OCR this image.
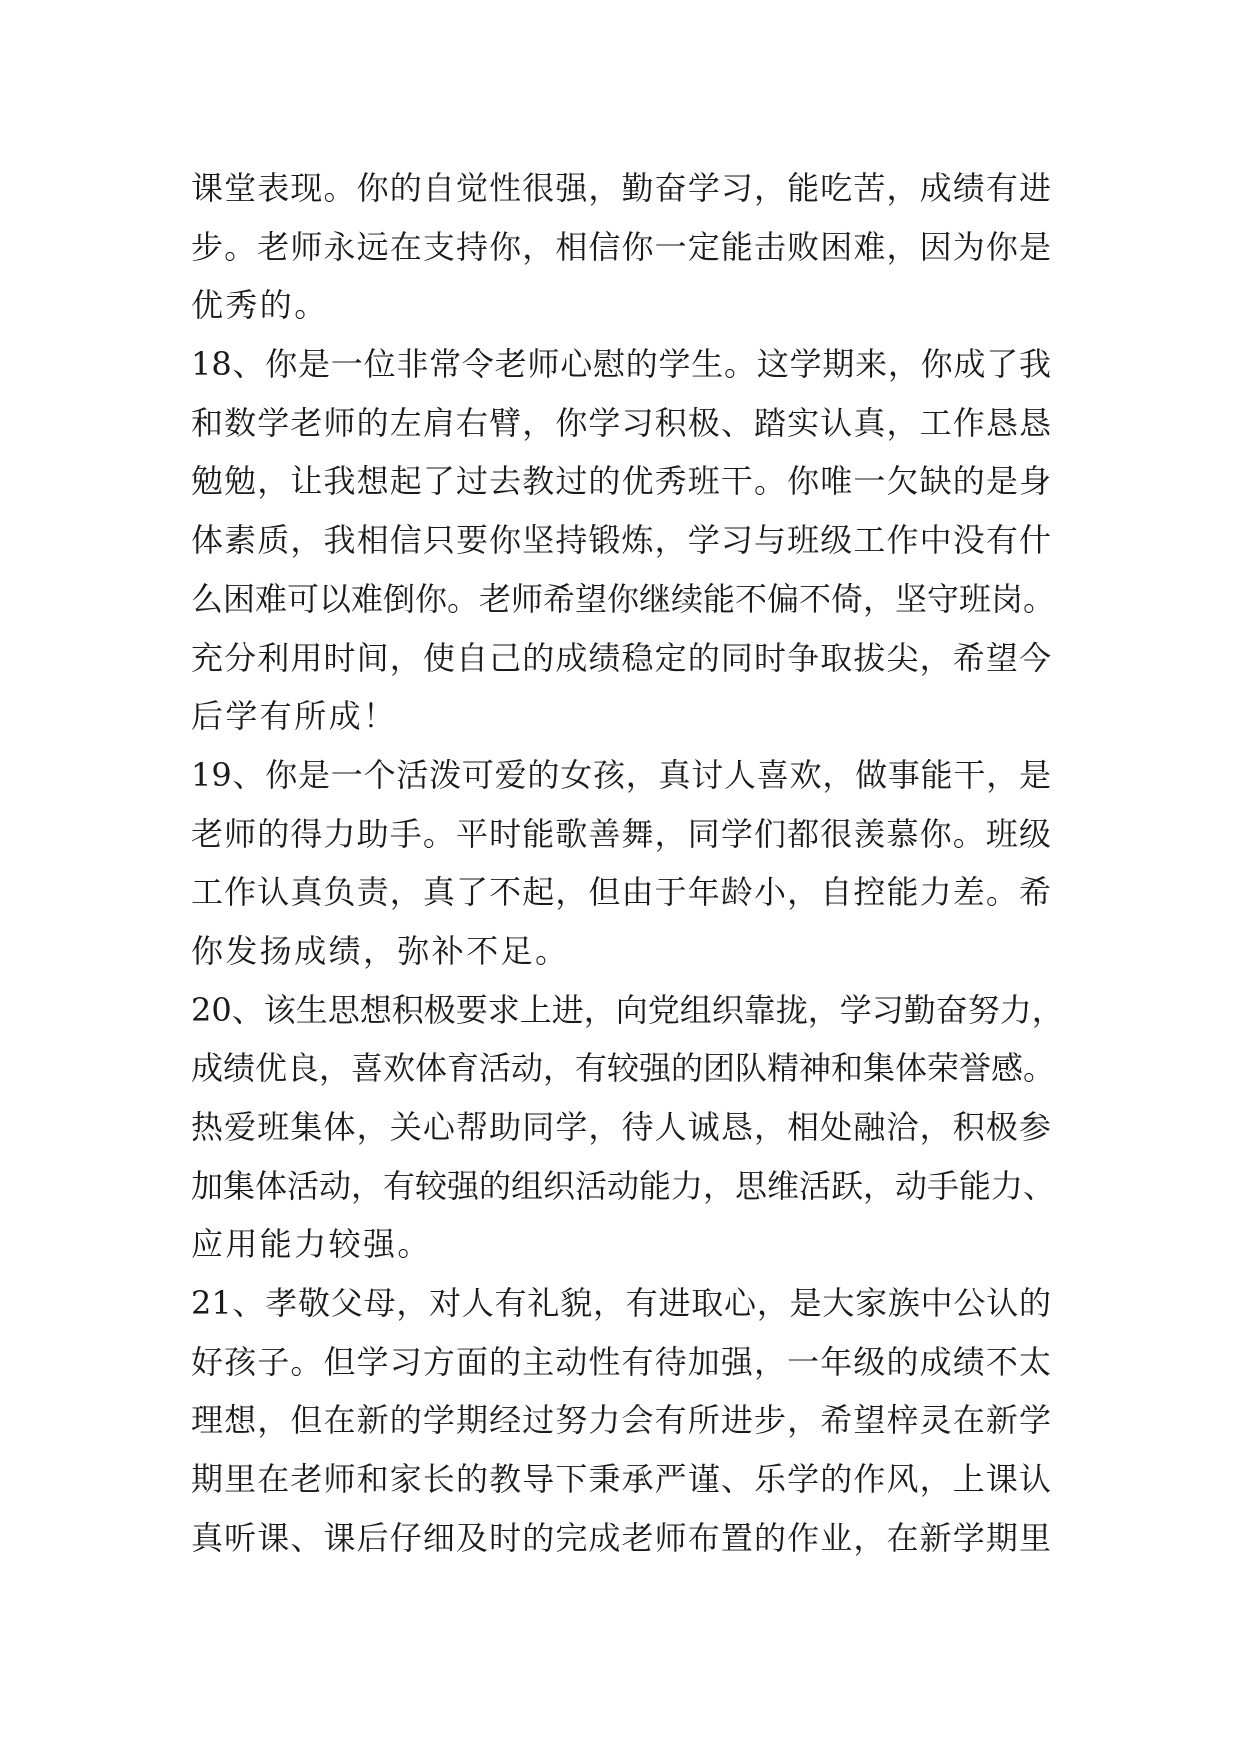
课堂表现。你的自觉性很强，勤奋学习，能吃苦，成绩有进
步。老师永远在支持你，相信你一定能击败困难，因为你是
优秀的。
18、你是一位非常令老师心慰的学生。这学期来，你成了我
和数学老师的左肩右臂，你学习积极、踏实认真，工作恳恳
勉勉，让我想起了过去教过的优秀班干。你唯一欠缺的是身
体素质，我相信只要你坚持锻炼，学习与班级工作中没有什
么困难可以难倒你。老师希望你继续能不偏不倚，坚守班岗。
充分利用时间，使自己的成绩稳定的同时争取拔尖，希望今
后学有所成！
19、你是一个活泼可爱的女孩，真讨人喜欢，做事能干，是
老师的得力助手。平时能歌善舞，同学们都很羡慕你。班级
工作认真负责，真了不起，但由于年龄小，自控能力差。希
你发扬成绩，弥补不足。
20、该生思想积极要求上进，向党组织靠拢，学习勤奋努力，
成绩优良，喜欢体育活动，有较强的团队精神和集体荣誉感。
热爱班集体，关心帮助同学，待人诚恳，相处融洽，积极参
加集体活动，有较强的组织活动能力，思维活跃，动手能力、
应用能力较强。
21、孝敬父母，对人有礼貌，有进取心，是大家族中公认的
好孩子。但学习方面的主动性有待加强，一年级的成绩不太
理想，但在新的学期经过努力会有所进步，希望梓灵在新学
期里在老师和家长的教导下秉承严谨、乐学的作风，上课认
真听课、课后仔细及时的完成老师布置的作业，在新学期里
